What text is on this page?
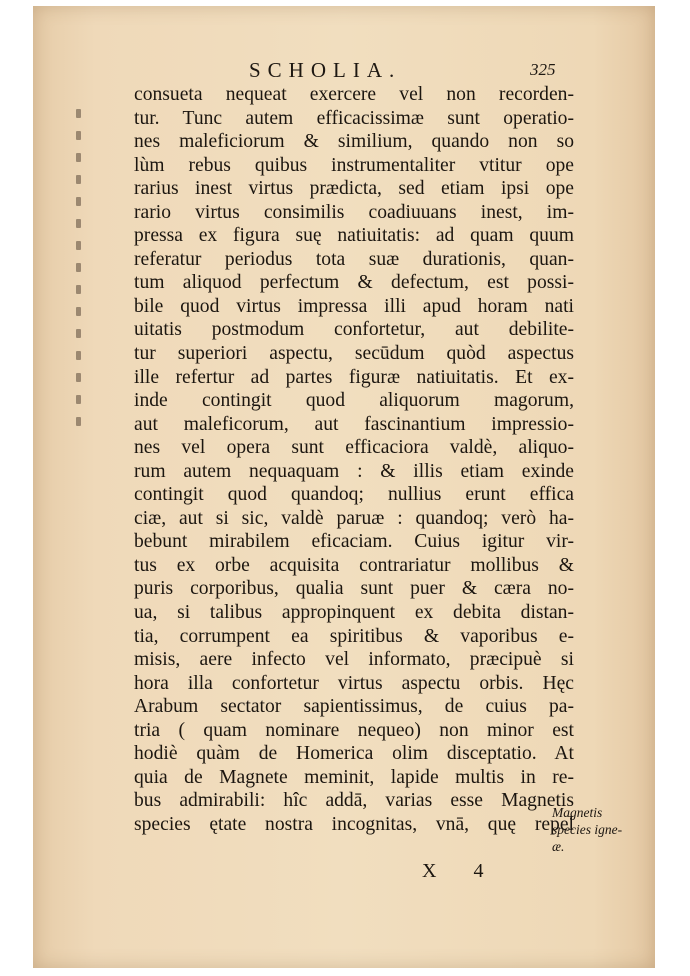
SCHOLIA.	325
consueta nequeat exercere vel non recorden-
tur. Tunc autem efficacissimæ sunt operatio-
nes maleficiorum & similium, quando non so
lùm rebus quibus instrumentaliter vtitur ope
rarius inest virtus prædicta, sed etiam ipsi ope
rario virtus consimilis coadiuuans inest, im-
pressa ex figura suę natiuitatis: ad quam quum
referatur periodus tota suæ durationis, quan-
tum aliquod perfectum & defectum, est possi-
bile quod virtus impressa illi apud horam nati
uitatis postmodum confortetur, aut debilite-
tur superiori aspectu, secūdum quòd aspectus
ille refertur ad partes figuræ natiuitatis. Et ex-
inde contingit quod aliquorum magorum,
aut maleficorum, aut fascinantium impressio-
nes vel opera sunt efficaciora valdè, aliquo-
rum autem nequaquam : & illis etiam exinde
contingit quod quandoq; nullius erunt effica
ciæ, aut si sic, valdè paruæ : quandoq; verò ha-
bebunt mirabilem eficaciam. Cuius igitur vir-
tus ex orbe acquisita contrariatur mollibus &
puris corporibus, qualia sunt puer & cæra no-
ua, si talibus appropinquent ex debita distan-
tia, corrumpent ea spiritibus & vaporibus e-
misis, aere infecto vel informato, præcipuè si
hora illa confortetur virtus aspectu orbis. Hęc
Arabum sectator sapientissimus, de cuius pa-
tria ( quam nominare nequeo) non minor est
hodiè quàm de Homerica olim disceptatio. At
quia de Magnete meminit, lapide multis in re-
bus admirabili: hîc addā, varias esse Magnetis
species ętate nostra incognitas, vnā, quę repel
Magnetis
species igne-
æ.
X 4
